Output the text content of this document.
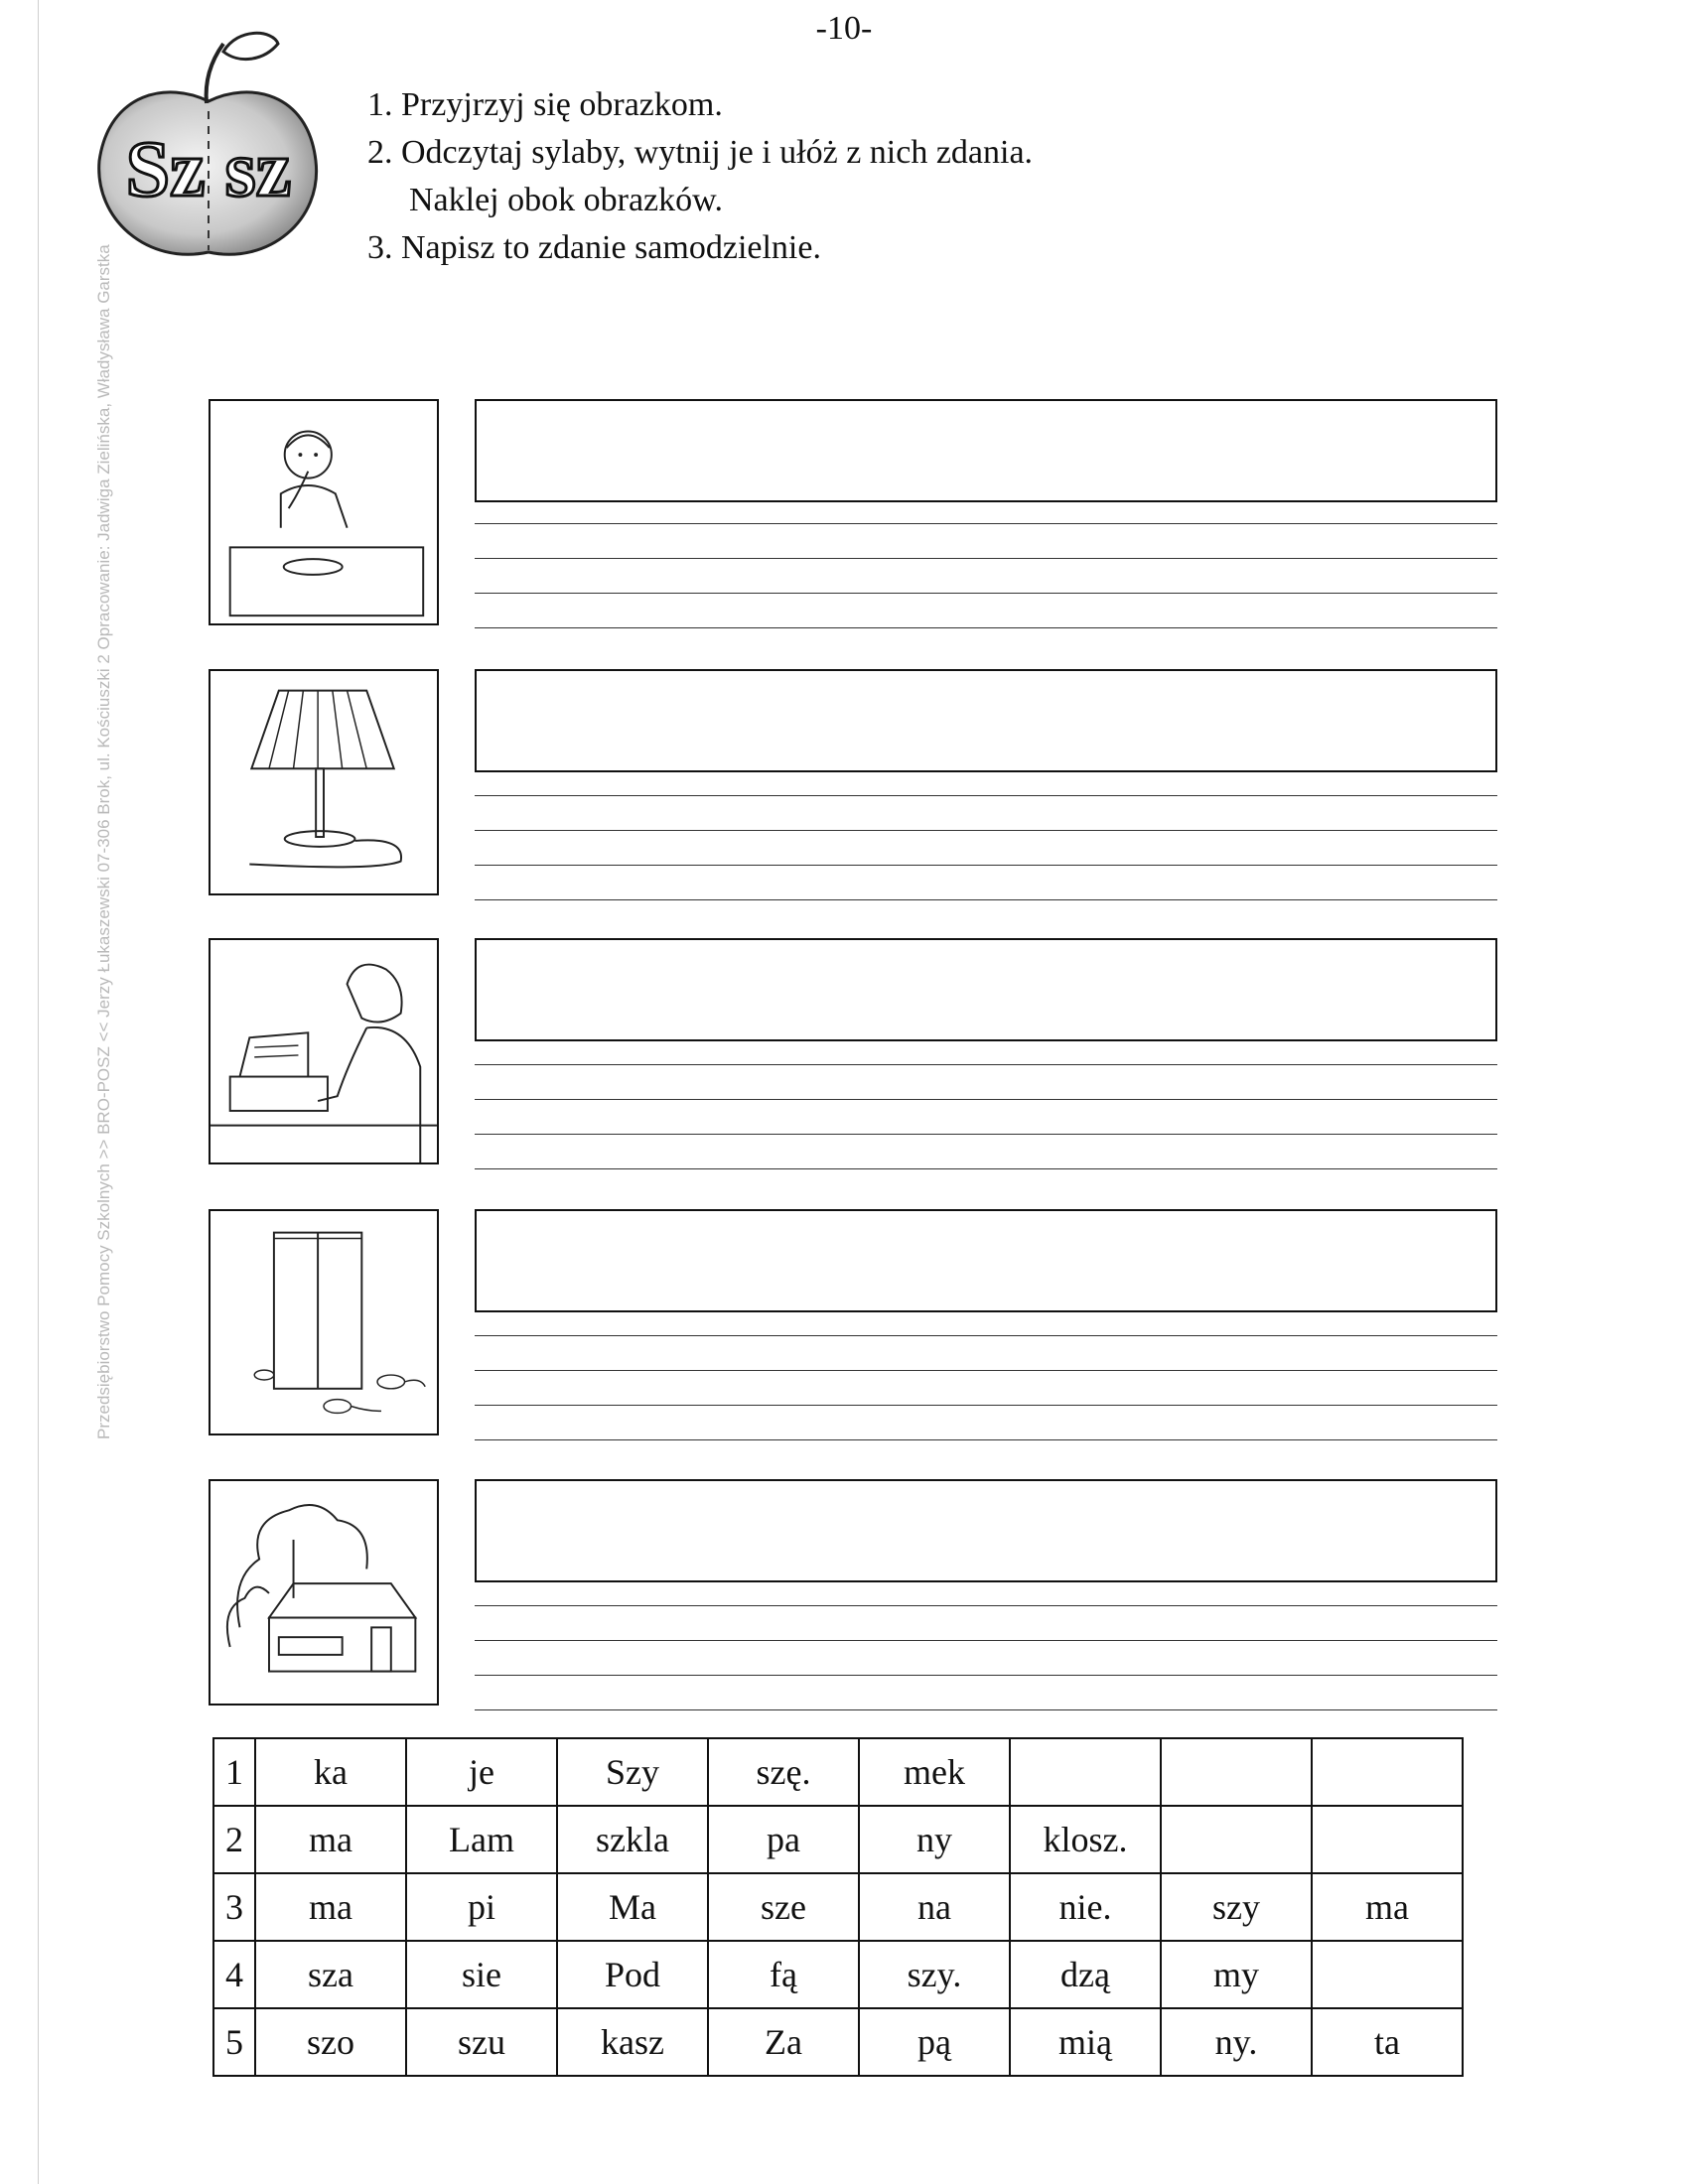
-10-
Sz sz
1. Przyjrzyj się obrazkom.
2. Odczytaj sylaby, wytnij je i ułóż z nich zdania.
Naklej obok obrazków.
3. Napisz to zdanie samodzielnie.
Przedsiębiorstwo Pomocy Szkolnych >> BRO-POSZ << Jerzy Łukaszewski 07-306 Brok, ul. Kościuszki 2 Opracowanie: Jadwiga Zielińska, Władysława Garstka
1	ka	je	Szy	szę.	mek			
2	ma	Lam	szkla	pa	ny	klosz.		
3	ma	pi	Ma	sze	na	nie.	szy	ma
4	sza	sie	Pod	fą	szy.	dzą	my	
5	szo	szu	kasz	Za	pą	mią	ny.	ta
